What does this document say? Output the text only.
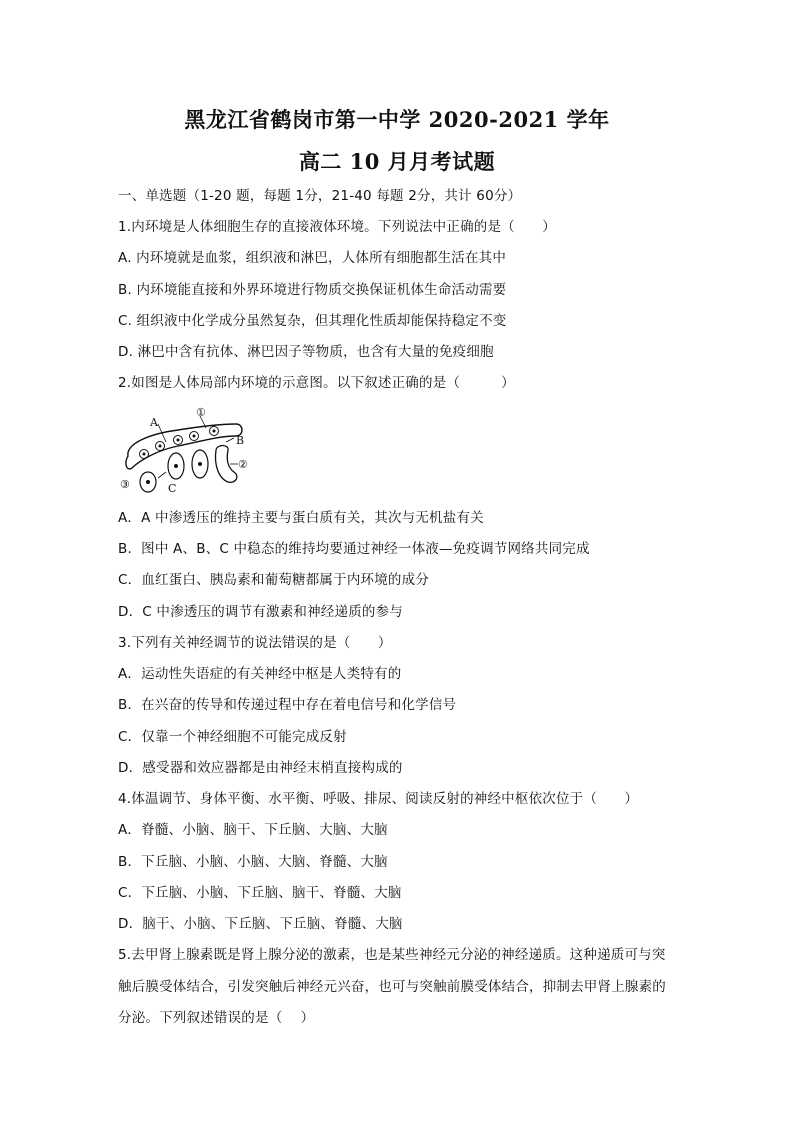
黑龙江省鹤岗市第一中学 2020-2021 学年
高二 10 月月考试题
一、单选题（1-20 题，每题 1分，21-40 每题 2分，共计 60分）
1.内环境是人体细胞生存的直接液体环境。下列说法中正确的是（　　）
A. 内环境就是血浆，组织液和淋巴，人体所有细胞都生活在其中
B. 内环境能直接和外界环境进行物质交换保证机体生命活动需要
C. 组织液中化学成分虽然复杂，但其理化性质却能保持稳定不变
D. 淋巴中含有抗体、淋巴因子等物质，也含有大量的免疫细胞
2.如图是人体局部内环境的示意图。以下叙述正确的是（　　　）
A
①
B
②
③	C
A．A 中渗透压的维持主要与蛋白质有关，其次与无机盐有关
B．图中 A、B、C 中稳态的维持均要通过神经一体液—免疫调节网络共同完成
C．血红蛋白、胰岛素和葡萄糖都属于内环境的成分
D．C 中渗透压的调节有激素和神经递质的参与
3.下列有关神经调节的说法错误的是（　　）
A．运动性失语症的有关神经中枢是人类特有的
B．在兴奋的传导和传递过程中存在着电信号和化学信号
C．仅靠一个神经细胞不可能完成反射
D．感受器和效应器都是由神经末梢直接构成的
4.体温调节、身体平衡、水平衡、呼吸、排尿、阅读反射的神经中枢依次位于（　　）
A．脊髓、小脑、脑干、下丘脑、大脑、大脑
B．下丘脑、小脑、小脑、大脑、脊髓、大脑
C．下丘脑、小脑、下丘脑、脑干、脊髓、大脑
D．脑干、小脑、下丘脑、下丘脑、脊髓、大脑
5.去甲肾上腺素既是肾上腺分泌的激素，也是某些神经元分泌的神经递质。这种递质可与突
触后膜受体结合，引发突触后神经元兴奋，也可与突触前膜受体结合，抑制去甲肾上腺素的
分泌。下列叙述错误的是（　 ）
